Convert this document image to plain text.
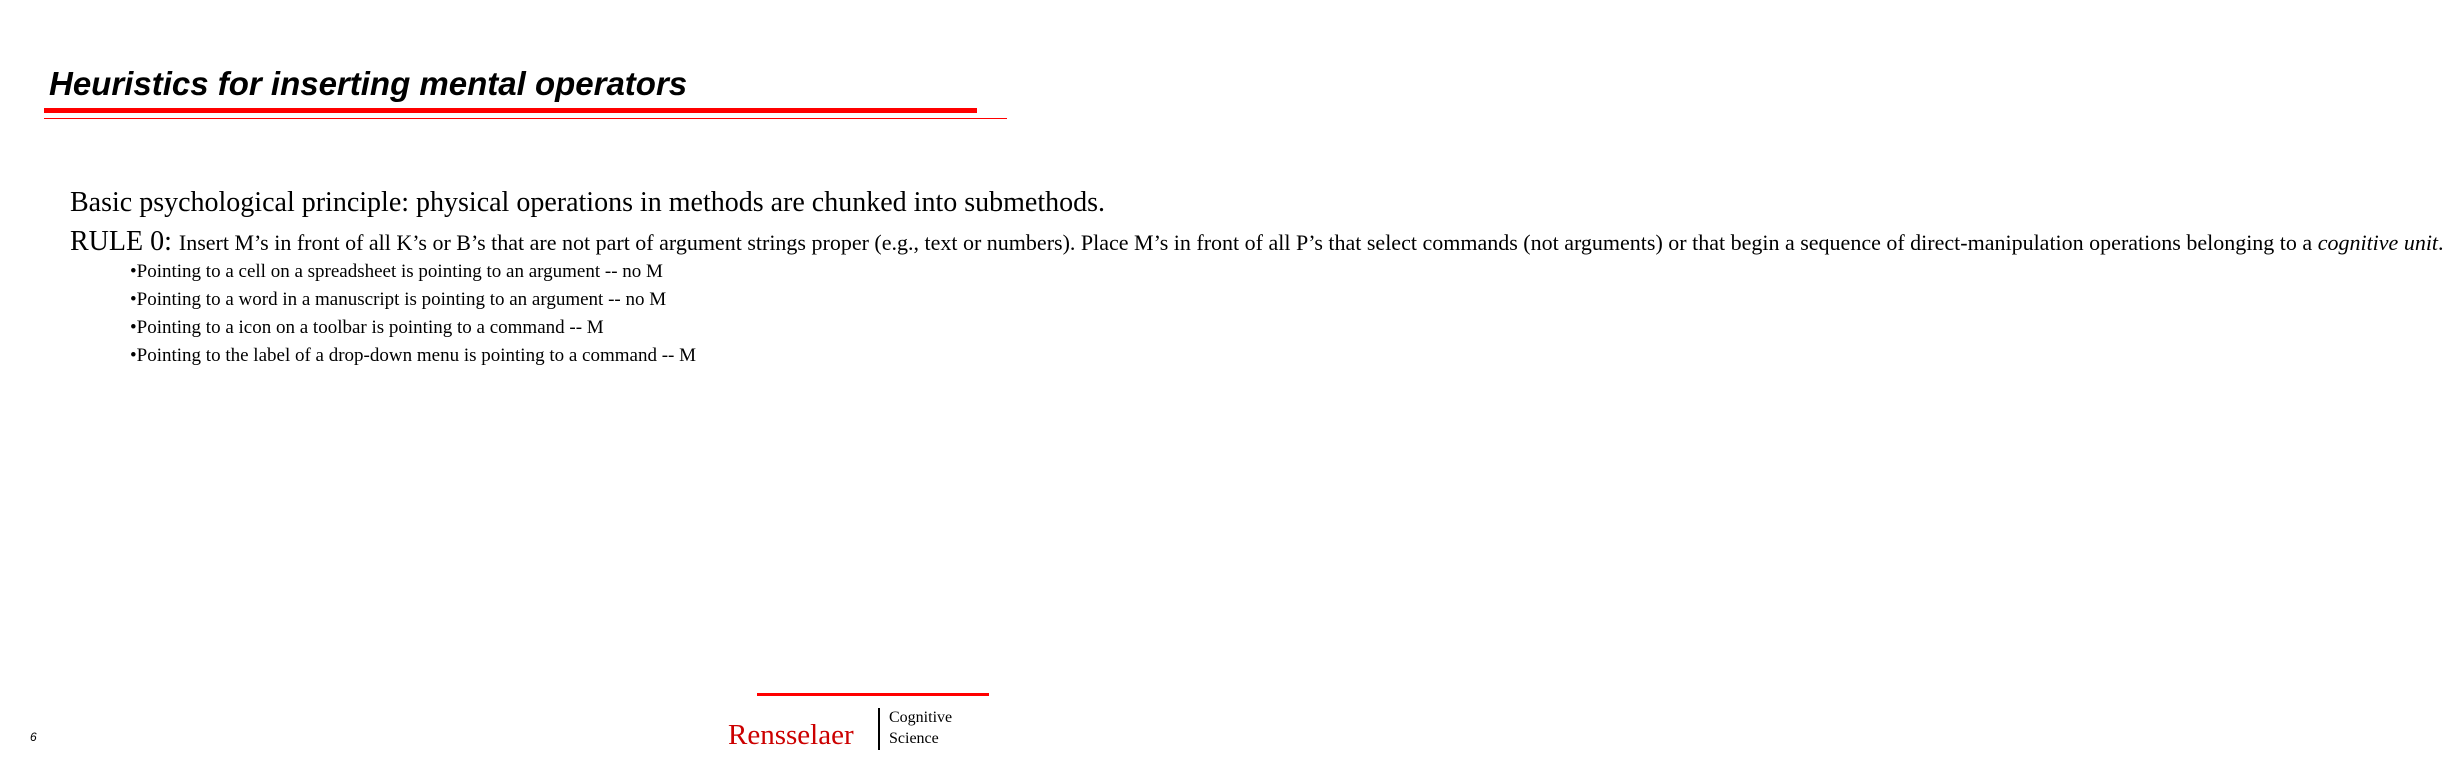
Heuristics for inserting mental operators

Basic psychological principle: physical operations in methods are chunked into submethods.

RULE 0: Insert M’s in front of all K’s or B’s that are not part of argument strings proper (e.g., text or numbers). Place M’s in front of all P’s that select commands (not arguments) or that begin a sequence of direct-manipulation operations belonging to a cognitive unit.

• Pointing to a cell on a spreadsheet is pointing to an argument -- no M
• Pointing to a word in a manuscript is pointing to an argument -- no M
• Pointing to a icon on a toolbar is pointing to a command -- M
• Pointing to the label of a drop-down menu is pointing to a command -- M
6	Rensselaer
Cognitive
Science
